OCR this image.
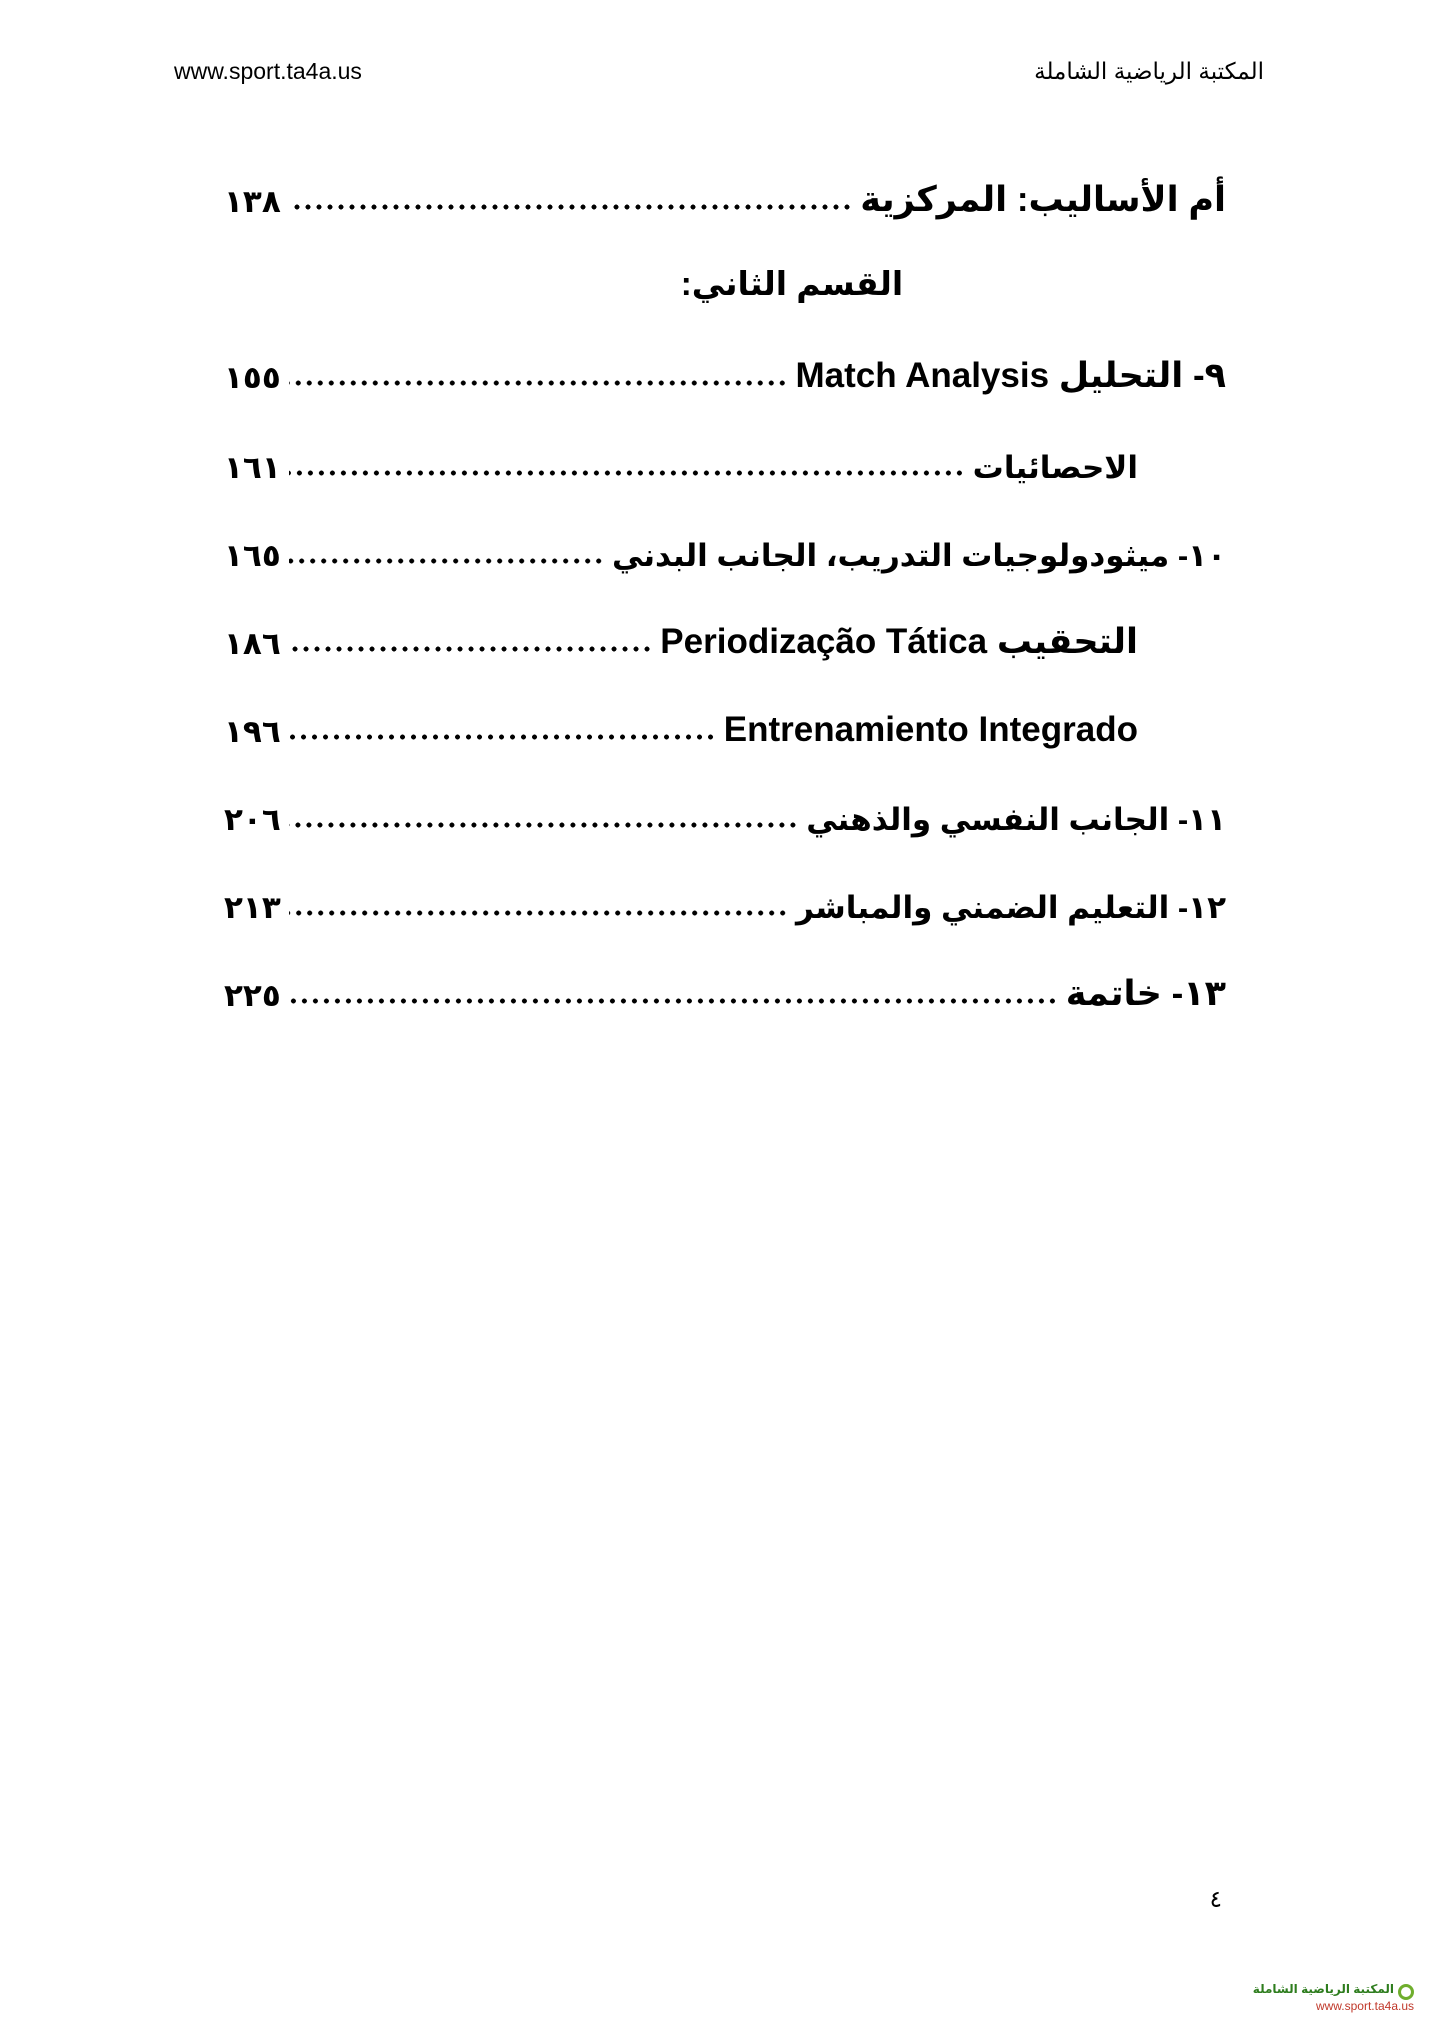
www.sport.ta4a.us	المكتبة الرياضية الشاملة
أم الأساليب: المركزية
١٣٨
القسم الثاني:
٩- التحليل Match Analysis
١٥٥
الاحصائيات
١٦١
١٠- ميثودولوجيات التدريب، الجانب البدني
١٦٥
التحقيب Periodização Tática
١٨٦
Entrenamiento Integrado
١٩٦
١١- الجانب النفسي والذهني
٢٠٦
١٢- التعليم الضمني والمباشر
٢١٣
١٣- خاتمة
٢٢٥
٤
المكتبة الرياضية الشاملة
www.sport.ta4a.us
